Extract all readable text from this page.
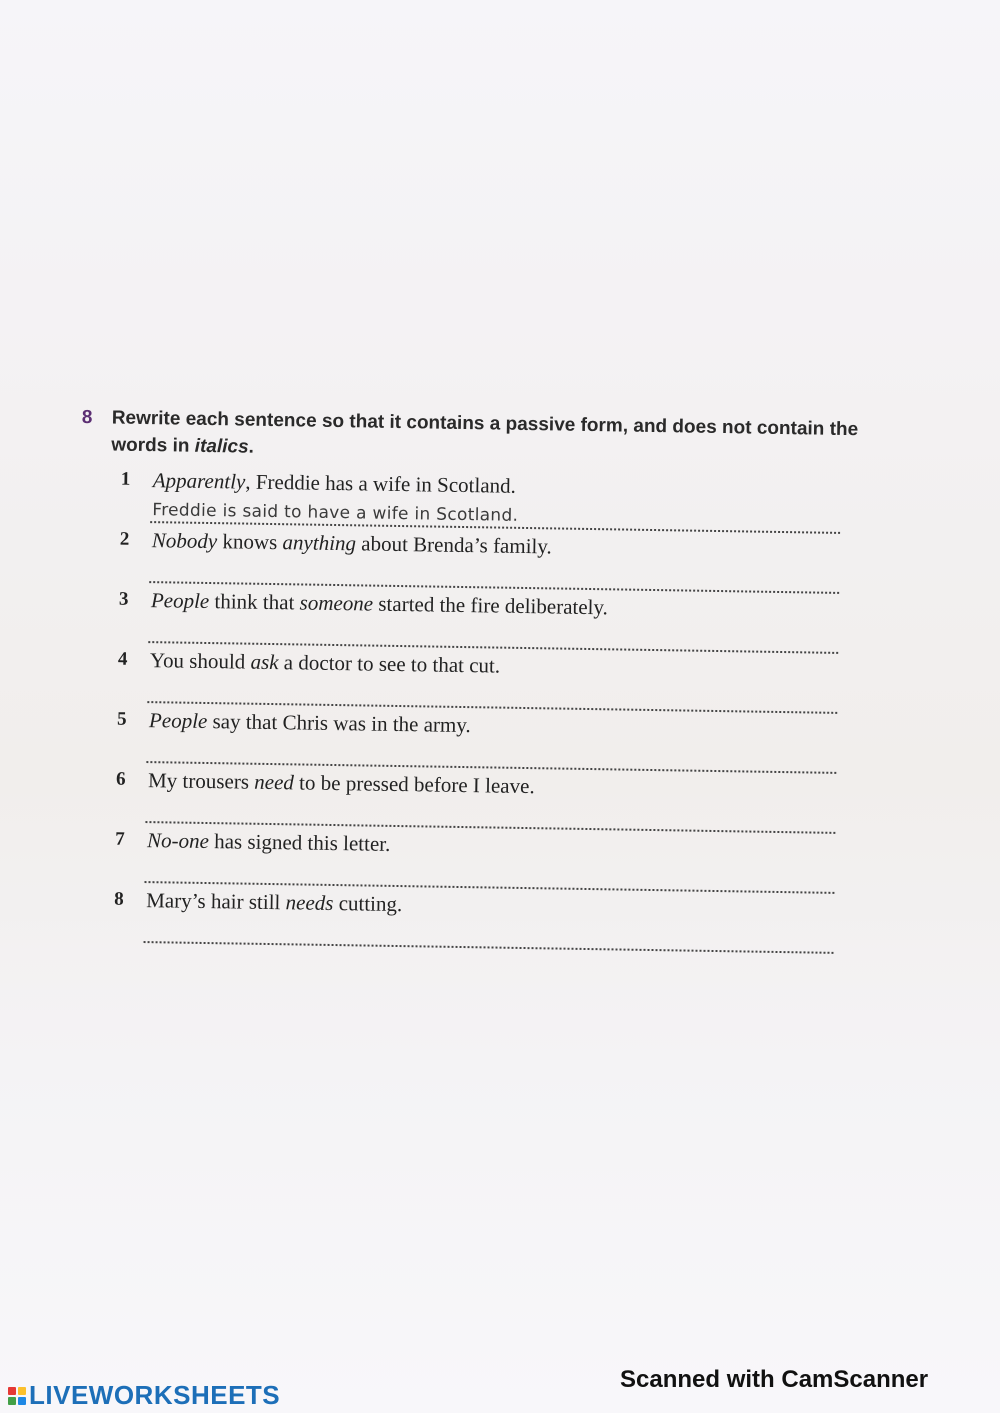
8	Rewrite each sentence so that it contains a passive form, and does not contain the words in italics.
1	Apparently, Freddie has a wife in Scotland.
Freddie is said to have a wife in Scotland.
2	Nobody knows anything about Brenda’s family.
3	People think that someone started the fire deliberately.
4	You should ask a doctor to see to that cut.
5	People say that Chris was in the army.
6	My trousers need to be pressed before I leave.
7	No-one has signed this letter.
8	Mary’s hair still needs cutting.
LIVEWORKSHEETS
Scanned with CamScanner
